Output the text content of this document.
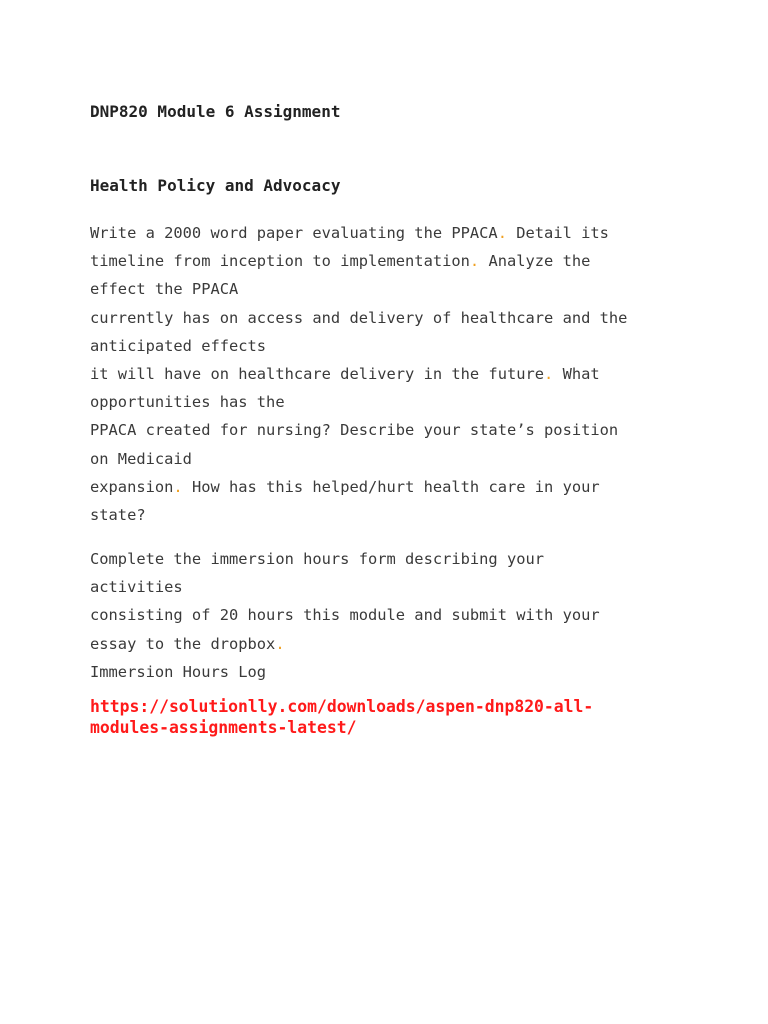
DNP820 Module 6 Assignment
Health Policy and Advocacy
Write a 2000 word paper evaluating the PPACA. Detail its
timeline from inception to implementation. Analyze the
effect the PPACA
currently has on access and delivery of healthcare and the
anticipated effects
it will have on healthcare delivery in the future. What
opportunities has the
PPACA created for nursing? Describe your state’s position
on Medicaid
expansion. How has this helped/hurt health care in your
state?
Complete the immersion hours form describing your
activities
consisting of 20 hours this module and submit with your
essay to the dropbox.
Immersion Hours Log
https://solutionlly.com/downloads/aspen-dnp820-all-
modules-assignments-latest/
